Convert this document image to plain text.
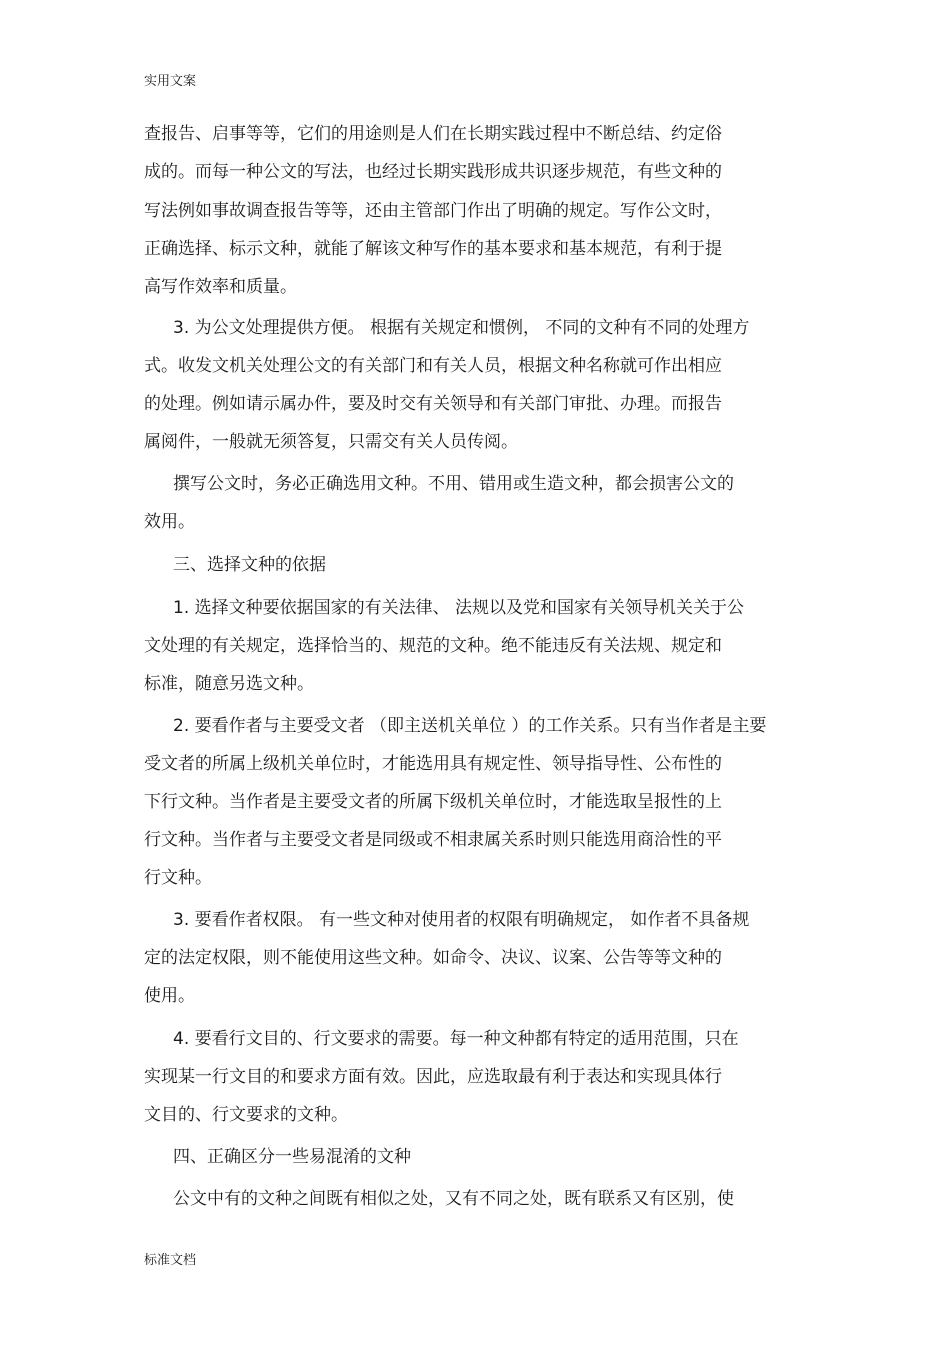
实用文案
查报告、启事等等，它们的用途则是人们在长期实践过程中不断总结、约定俗
成的。而每一种公文的写法，也经过长期实践形成共识逐步规范，有些文种的
写法例如事故调查报告等等，还由主管部门作出了明确的规定。写作公文时，
正确选择、标示文种，就能了解该文种写作的基本要求和基本规范，有利于提
高写作效率和质量。
3. 为公文处理提供方便。 根据有关规定和惯例， 不同的文种有不同的处理方
式。收发文机关处理公文的有关部门和有关人员，根据文种名称就可作出相应
的处理。例如请示属办件，要及时交有关领导和有关部门审批、办理。而报告
属阅件，一般就无须答复，只需交有关人员传阅。
撰写公文时，务必正确选用文种。不用、错用或生造文种，都会损害公文的
效用。
三、选择文种的依据
1. 选择文种要依据国家的有关法律、 法规以及党和国家有关领导机关关于公
文处理的有关规定，选择恰当的、规范的文种。绝不能违反有关法规、规定和
标准，随意另选文种。
2. 要看作者与主要受文者 （即主送机关单位 ）的工作关系。只有当作者是主要
受文者的所属上级机关单位时，才能选用具有规定性、领导指导性、公布性的
下行文种。当作者是主要受文者的所属下级机关单位时，才能选取呈报性的上
行文种。当作者与主要受文者是同级或不相隶属关系时则只能选用商洽性的平
行文种。
3. 要看作者权限。 有一些文种对使用者的权限有明确规定， 如作者不具备规
定的法定权限，则不能使用这些文种。如命令、决议、议案、公告等等文种的
使用。
4. 要看行文目的、行文要求的需要。每一种文种都有特定的适用范围，只在
实现某一行文目的和要求方面有效。因此，应选取最有利于表达和实现具体行
文目的、行文要求的文种。
四、正确区分一些易混淆的文种
公文中有的文种之间既有相似之处，又有不同之处，既有联系又有区别，使
标准文档
